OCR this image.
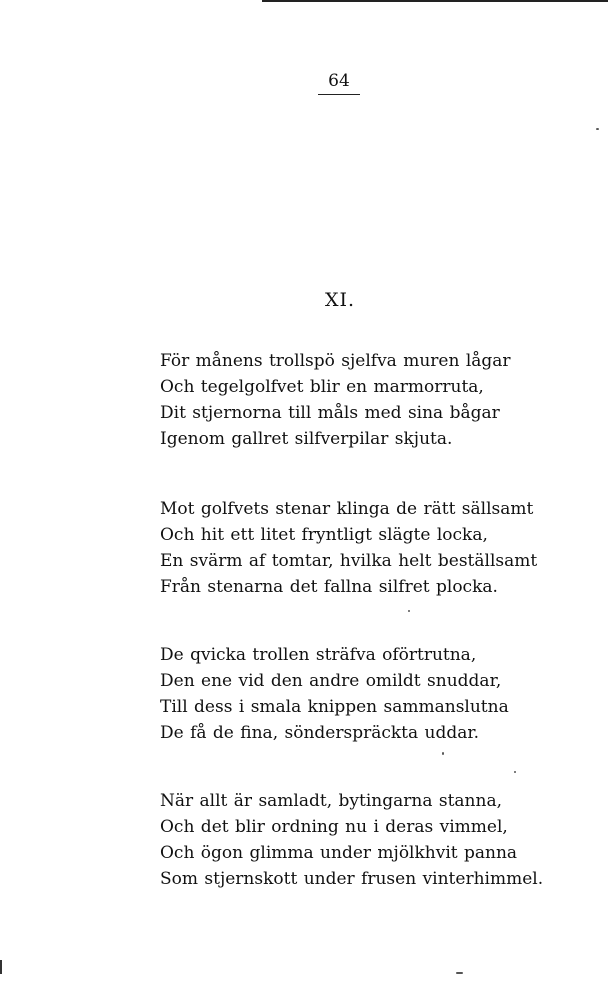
64
XI.
För månens trollspö sjelfva muren lågar
Och tegelgolfvet blir en marmorruta,
Dit stjernorna till måls med sina bågar
Igenom gallret silfverpilar skjuta.
Mot golfvets stenar klinga de rätt sällsamt
Och hit ett litet fryntligt slägte locka,
En svärm af tomtar, hvilka helt beställsamt
Från stenarna det fallna silfret plocka.
De qvicka trollen sträfva oförtrutna,
Den ene vid den andre omildt snuddar,
Till dess i smala knippen sammanslutna
De få de fina, sönderspräckta uddar.
När allt är samladt, bytingarna stanna,
Och det blir ordning nu i deras vimmel,
Och ögon glimma under mjölkhvit panna
Som stjernskott under frusen vinterhimmel.
